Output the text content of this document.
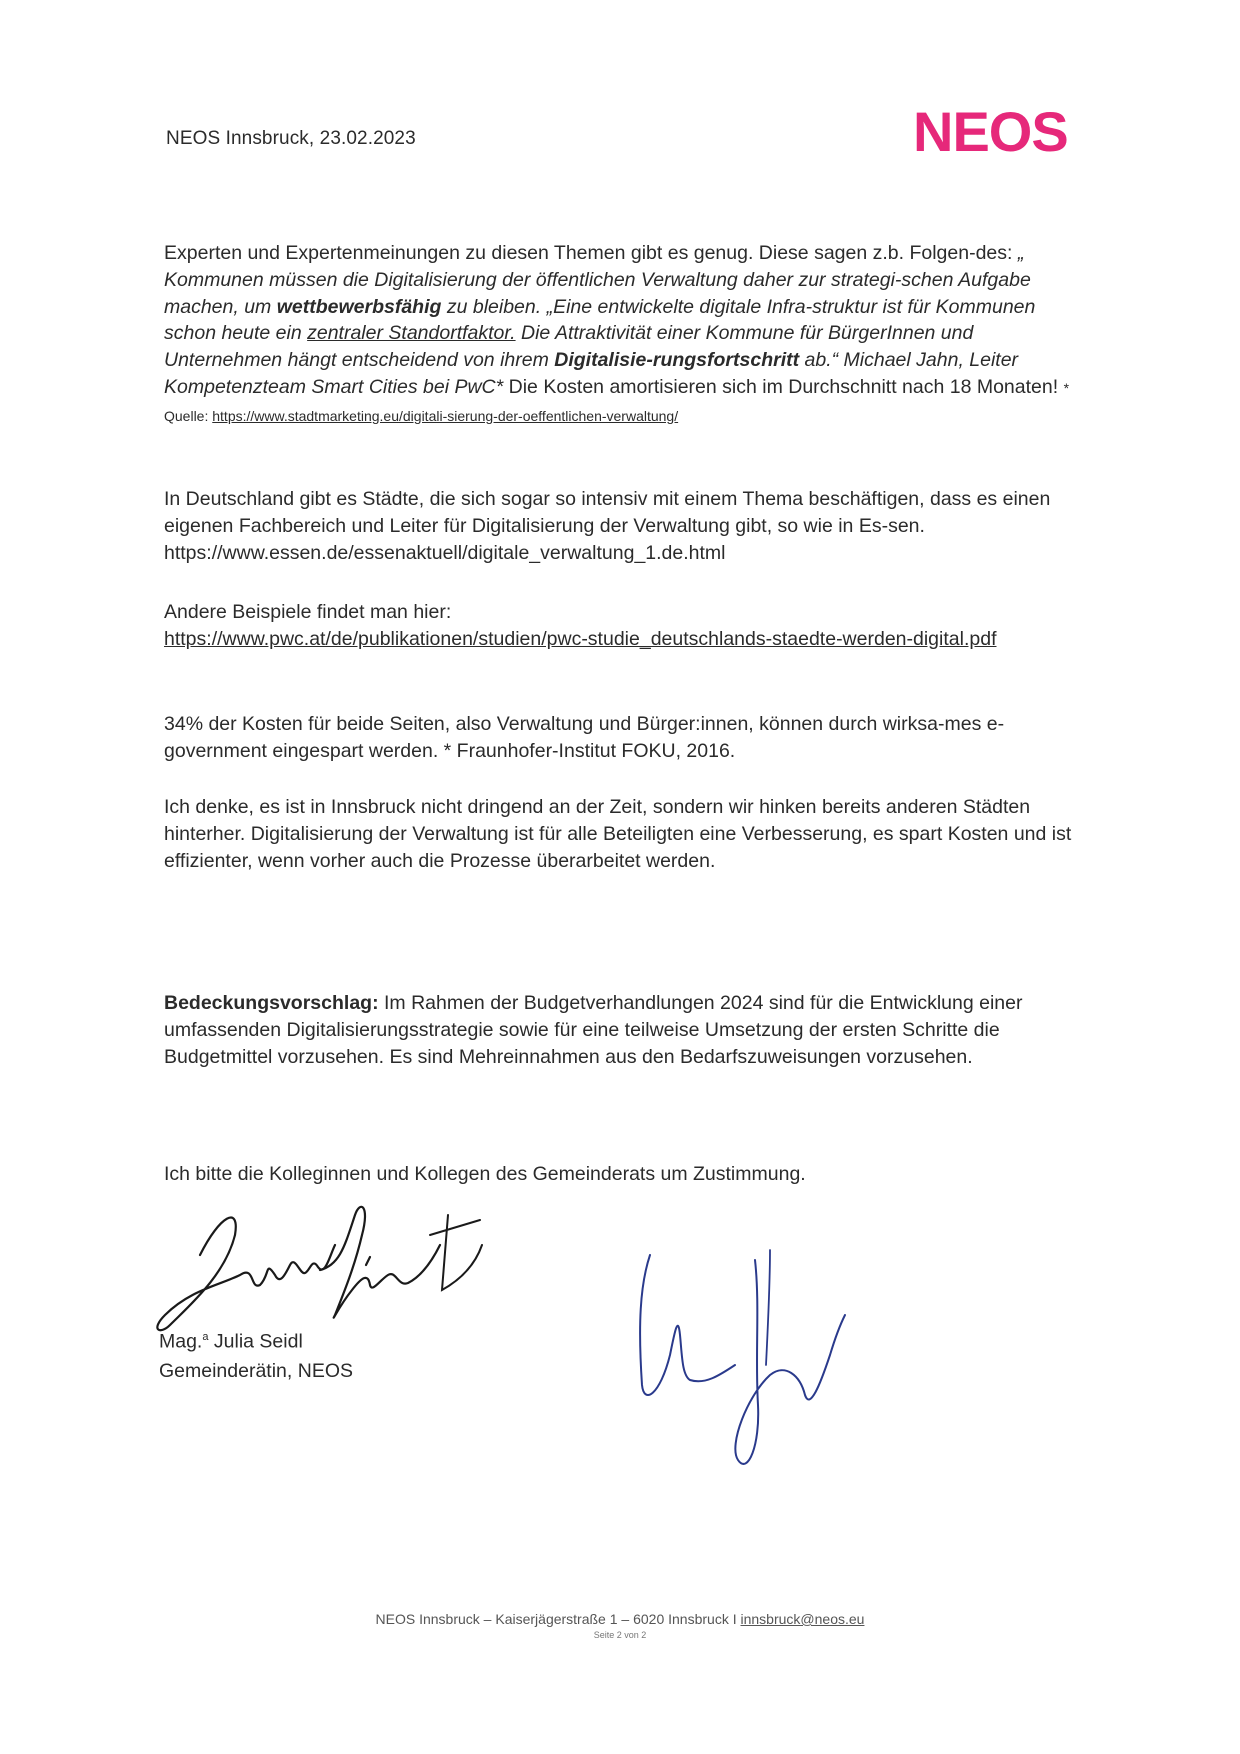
NEOS Innsbruck, 23.02.2023	NEOS

Experten und Expertenmeinungen zu diesen Themen gibt es genug. Diese sagen z.b. Folgen-des: „ Kommunen müssen die Digitalisierung der öffentlichen Verwaltung daher zur strategi-schen Aufgabe machen, um wettbewerbsfähig zu bleiben. „Eine entwickelte digitale Infra-struktur ist für Kommunen schon heute ein zentraler Standortfaktor. Die Attraktivität einer Kommune für BürgerInnen und Unternehmen hängt entscheidend von ihrem Digitalisie-rungsfortschritt ab.“ Michael Jahn, Leiter Kompetenzteam Smart Cities bei PwC* Die Kosten amortisieren sich im Durchschnitt nach 18 Monaten! * Quelle: https://www.stadtmarketing.eu/digitali-sierung-der-oeffentlichen-verwaltung/

In Deutschland gibt es Städte, die sich sogar so intensiv mit einem Thema beschäftigen, dass es einen eigenen Fachbereich und Leiter für Digitalisierung der Verwaltung gibt, so wie in Es-sen. https://www.essen.de/essenaktuell/digitale_verwaltung_1.de.html

Andere Beispiele findet man hier:

https://www.pwc.at/de/publikationen/studien/pwc-studie_deutschlands-staedte-werden-digital.pdf

34% der Kosten für beide Seiten, also Verwaltung und Bürger:innen, können durch wirksa-mes e-government eingespart werden. * Fraunhofer-Institut FOKU, 2016.

Ich denke, es ist in Innsbruck nicht dringend an der Zeit, sondern wir hinken bereits anderen Städten hinterher. Digitalisierung der Verwaltung ist für alle Beteiligten eine Verbesserung, es spart Kosten und ist effizienter, wenn vorher auch die Prozesse überarbeitet werden.

Bedeckungsvorschlag: Im Rahmen der Budgetverhandlungen 2024 sind für die Entwicklung einer umfassenden Digitalisierungsstrategie sowie für eine teilweise Umsetzung der ersten Schritte die Budgetmittel vorzusehen. Es sind Mehreinnahmen aus den Bedarfszuweisungen vorzusehen.

Ich bitte die Kolleginnen und Kollegen des Gemeinderats um Zustimmung.

Mag.$^a$ Julia Seidl
Gemeinderätin, NEOS
NEOS Innsbruck – Kaiserjägerstraße 1 – 6020 Innsbruck I innsbruck@neos.eu
Seite 2 von 2
